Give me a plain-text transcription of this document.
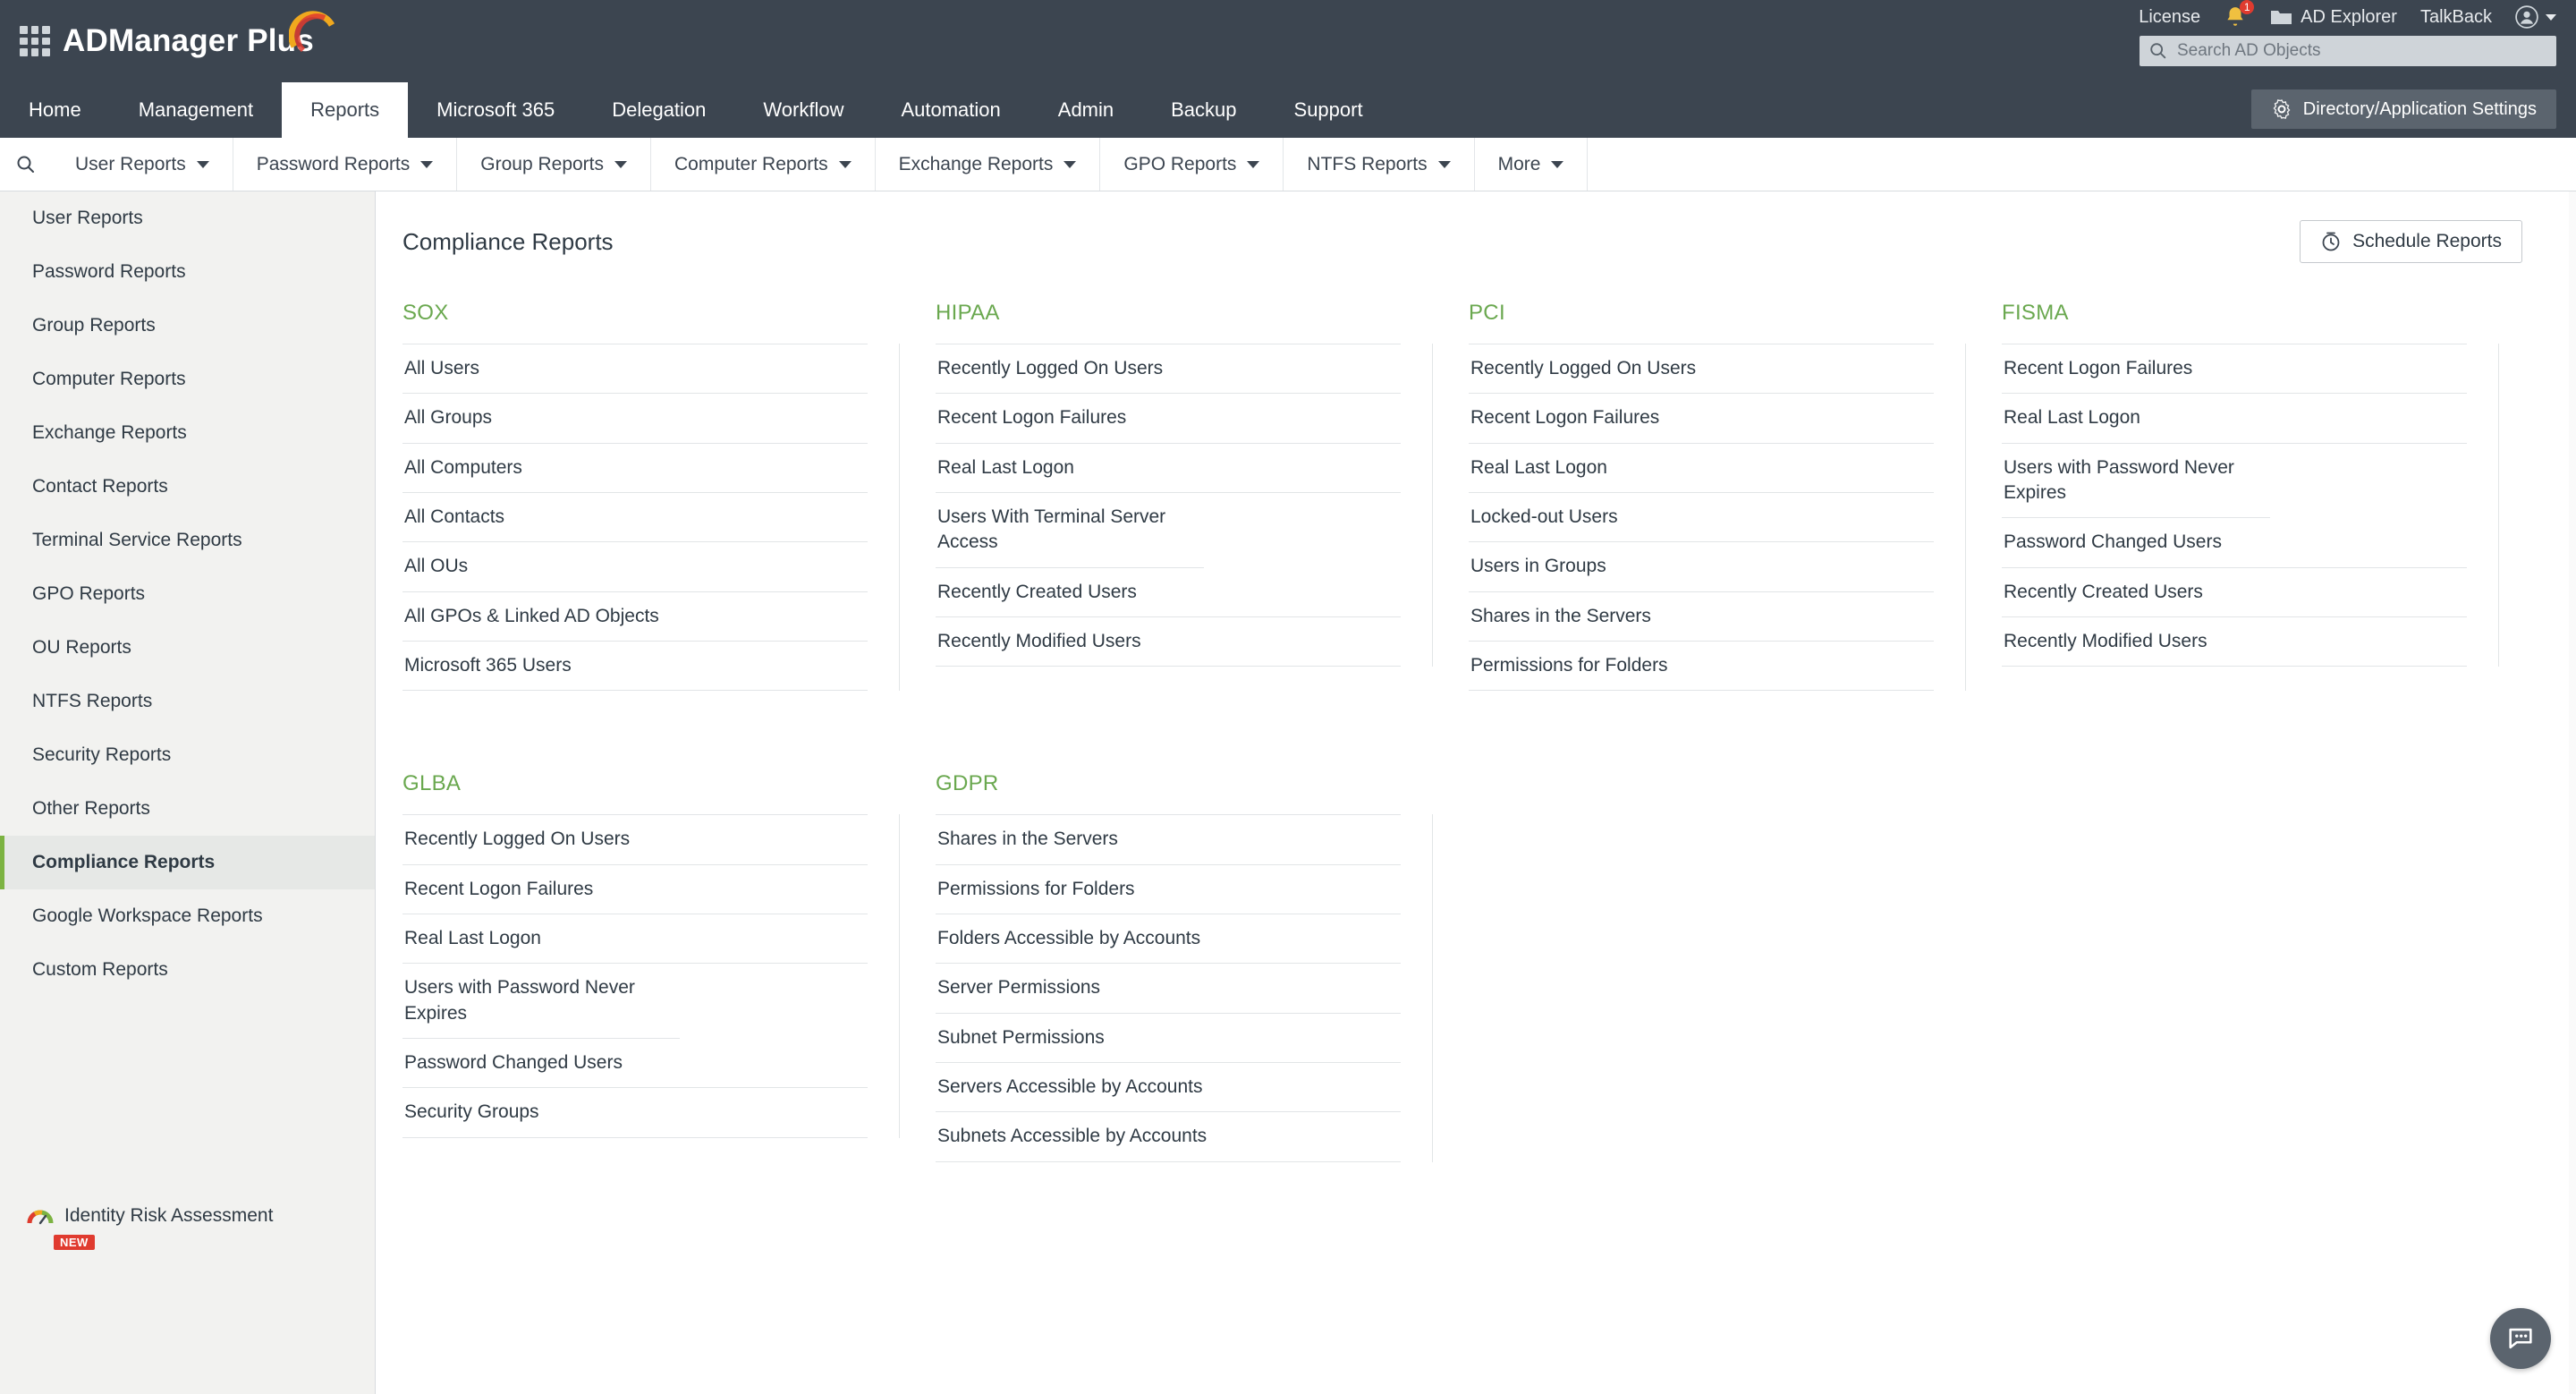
ADManager Plus
License	1	AD Explorer TalkBack
Search AD Objects
Home	Management	Reports	Microsoft 365	Delegation	Workflow	Automation	Admin	Backup	Support	Directory/Application Settings
User Reports	Password Reports	Group Reports	Computer Reports	Exchange Reports	GPO Reports	NTFS Reports	More
User Reports
Password Reports
Group Reports
Computer Reports
Exchange Reports
Contact Reports
Terminal Service Reports
GPO Reports
OU Reports
NTFS Reports
Security Reports
Other Reports
Compliance Reports
Google Workspace Reports
Custom Reports
Identity Risk Assessment
NEW
Compliance Reports	Schedule Reports
SOX
All Users
All Groups
All Computers
All Contacts
All OUs
All GPOs & Linked AD Objects
Microsoft 365 Users
HIPAA
Recently Logged On Users
Recent Logon Failures
Real Last Logon
Users With Terminal Server Access
Recently Created Users
Recently Modified Users
PCI
Recently Logged On Users
Recent Logon Failures
Real Last Logon
Locked-out Users
Users in Groups
Shares in the Servers
Permissions for Folders
FISMA
Recent Logon Failures
Real Last Logon
Users with Password Never Expires
Password Changed Users
Recently Created Users
Recently Modified Users
GLBA
Recently Logged On Users
Recent Logon Failures
Real Last Logon
Users with Password Never Expires
Password Changed Users
Security Groups
GDPR
Shares in the Servers
Permissions for Folders
Folders Accessible by Accounts
Server Permissions
Subnet Permissions
Servers Accessible by Accounts
Subnets Accessible by Accounts
